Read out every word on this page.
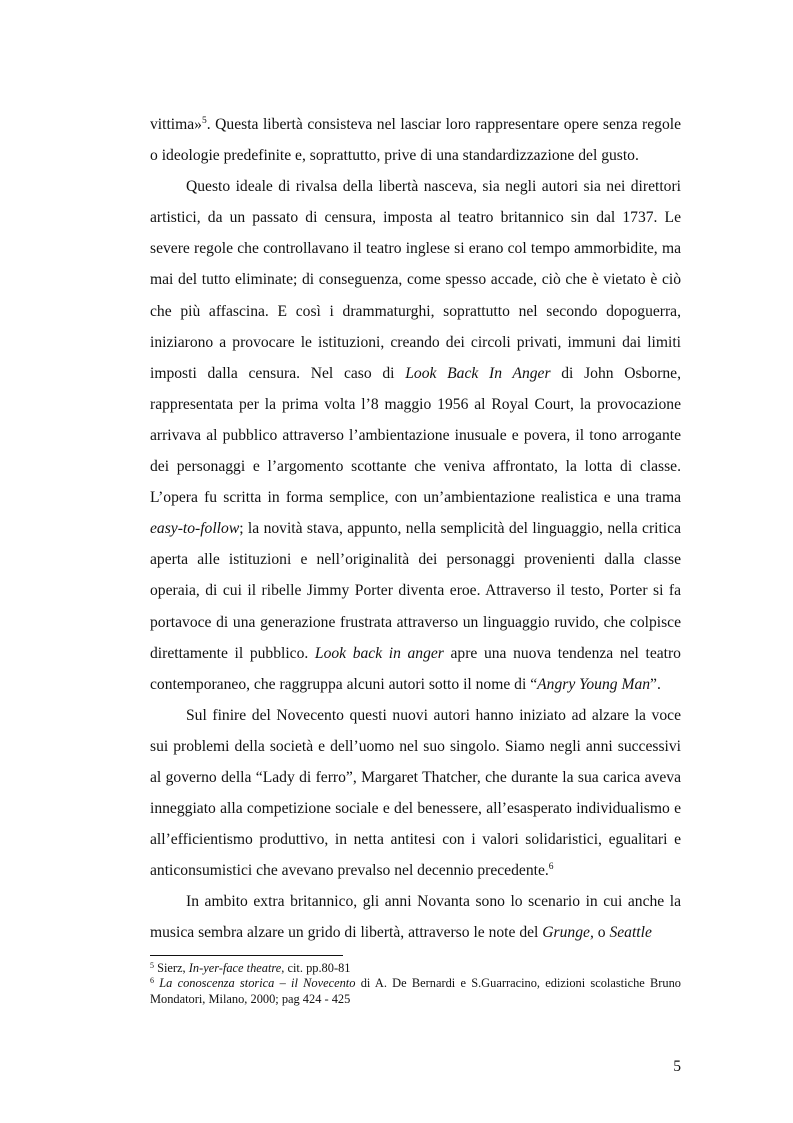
vittima»$^5$. Questa libertà consisteva nel lasciar loro rappresentare opere senza regole o ideologie predefinite e, soprattutto, prive di una standardizzazione del gusto.

Questo ideale di rivalsa della libertà nasceva, sia negli autori sia nei direttori artistici, da un passato di censura, imposta al teatro britannico sin dal 1737. Le severe regole che controllavano il teatro inglese si erano col tempo ammorbidite, ma mai del tutto eliminate; di conseguenza, come spesso accade, ciò che è vietato è ciò che più affascina. E così i drammaturghi, soprattutto nel secondo dopoguerra, iniziarono a provocare le istituzioni, creando dei circoli privati, immuni dai limiti imposti dalla censura. Nel caso di Look Back In Anger di John Osborne, rappresentata per la prima volta l’8 maggio 1956 al Royal Court, la provocazione arrivava al pubblico attraverso l’ambientazione inusuale e povera, il tono arrogante dei personaggi e l’argomento scottante che veniva affrontato, la lotta di classe. L’opera fu scritta in forma semplice, con un’ambientazione realistica e una trama easy-to-follow; la novità stava, appunto, nella semplicità del linguaggio, nella critica aperta alle istituzioni e nell’originalità dei personaggi provenienti dalla classe operaia, di cui il ribelle Jimmy Porter diventa eroe. Attraverso il testo, Porter si fa portavoce di una generazione frustrata attraverso un linguaggio ruvido, che colpisce direttamente il pubblico. Look back in anger apre una nuova tendenza nel teatro contemporaneo, che raggruppa alcuni autori sotto il nome di “Angry Young Man”.

Sul finire del Novecento questi nuovi autori hanno iniziato ad alzare la voce sui problemi della società e dell’uomo nel suo singolo. Siamo negli anni successivi al governo della “Lady di ferro”, Margaret Thatcher, che durante la sua carica aveva inneggiato alla competizione sociale e del benessere, all’esasperato individualismo e all’efficientismo produttivo, in netta antitesi con i valori solidaristici, egualitari e anticonsumistici che avevano prevalso nel decennio precedente.$^6$

In ambito extra britannico, gli anni Novanta sono lo scenario in cui anche la musica sembra alzare un grido di libertà, attraverso le note del Grunge, o Seattle

$^5$ Sierz, In-yer-face theatre, cit. pp.80-81

$^6$ La conoscenza storica – il Novecento di A. De Bernardi e S.Guarracino, edizioni scolastiche Bruno Mondatori, Milano, 2000; pag 424 - 425

5
